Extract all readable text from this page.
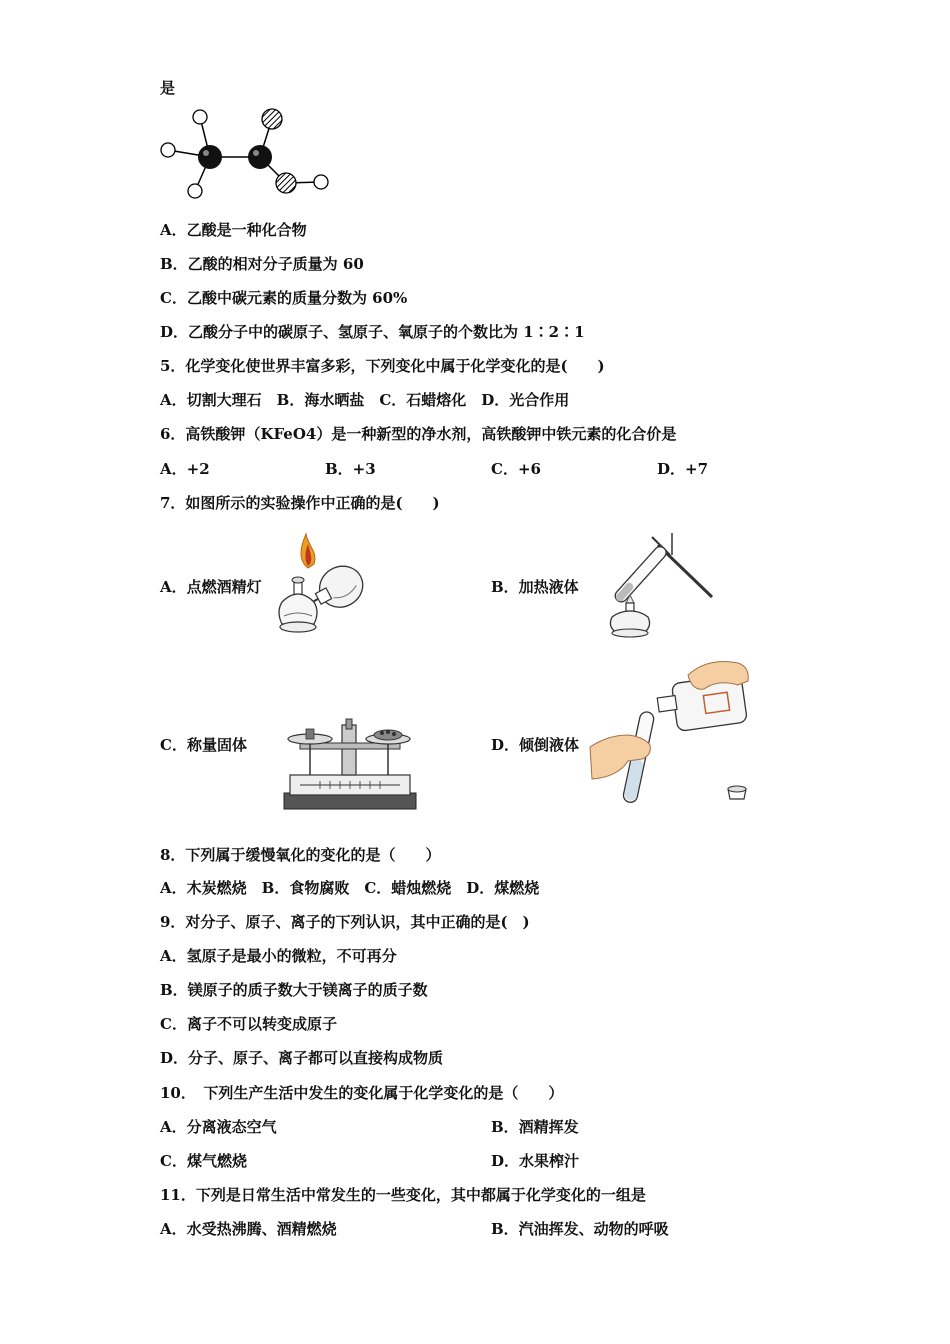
是
A．乙酸是一种化合物
B．乙酸的相对分子质量为 60
C．乙酸中碳元素的质量分数为 60%
D．乙酸分子中的碳原子、氢原子、氧原子的个数比为 1∶2∶1
5．化学变化使世界丰富多彩，下列变化中属于化学变化的是(　　)
A．切割大理石　B．海水晒盐　C．石蜡熔化　D．光合作用
6．高铁酸钾（KFeO4）是一种新型的净水剂，高铁酸钾中铁元素的化合价是
A．+2	B．+3	C．+6	D．+7
7．如图所示的实验操作中正确的是(　　)
A．点燃酒精灯	B．加热液体
C．称量固体	D．倾倒液体
8．下列属于缓慢氧化的变化的是（　　）
A．木炭燃烧　B．食物腐败　C．蜡烛燃烧　D．煤燃烧
9．对分子、原子、离子的下列认识，其中正确的是(　)
A．氢原子是最小的微粒，不可再分
B．镁原子的质子数大于镁离子的质子数
C．离子不可以转变成原子
D．分子、原子、离子都可以直接构成物质
10．　下列生产生活中发生的变化属于化学变化的是（　　）
A．分离液态空气	B．酒精挥发
C．煤气燃烧	D．水果榨汁
11．下列是日常生活中常发生的一些变化，其中都属于化学变化的一组是
A．水受热沸腾、酒精燃烧	B．汽油挥发、动物的呼吸
